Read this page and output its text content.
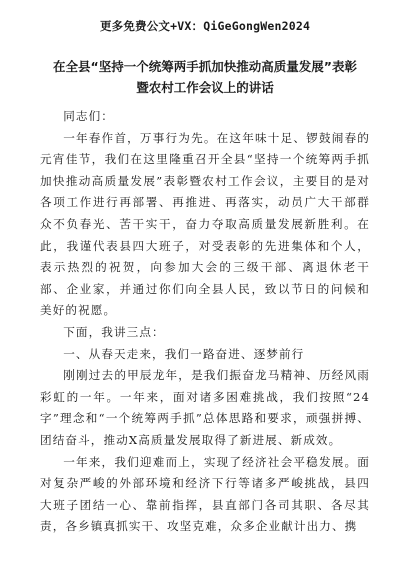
更多免费公文+VX：QiGeGongWen2024
在全县“坚持一个统筹两手抓加快推动高质量发展”表彰
暨农村工作会议上的讲话

同志们：

一年春作首，万事行为先。在这年味十足、锣鼓闹春的元宵佳节，我们在这里隆重召开全县“坚持一个统筹两手抓加快推动高质量发展”表彰暨农村工作会议，主要目的是对各项工作进行再部署、再推进、再落实，动员广大干部群众不负春光、苦干实干，奋力夺取高质量发展新胜利。在此，我谨代表县四大班子，对受表彰的先进集体和个人，表示热烈的祝贺，向参加大会的三级干部、离退休老干部、企业家，并通过你们向全县人民，致以节日的问候和美好的祝愿。

下面，我讲三点：

一、从春天走来，我们一路奋进、逐梦前行

刚刚过去的甲辰龙年，是我们振奋龙马精神、历经风雨彩虹的一年。一年来，面对诸多困难挑战，我们按照“24字”理念和“一个统筹两手抓”总体思路和要求，顽强拼搏、团结奋斗，推动X高质量发展取得了新进展、新成效。

一年来，我们迎难而上，实现了经济社会平稳发展。面对复杂严峻的外部环境和经济下行等诸多严峻挑战，县四大班子团结一心、靠前指挥，县直部门各司其职、各尽其责，各乡镇真抓实干、攻坚克难，众多企业献计出力、携
